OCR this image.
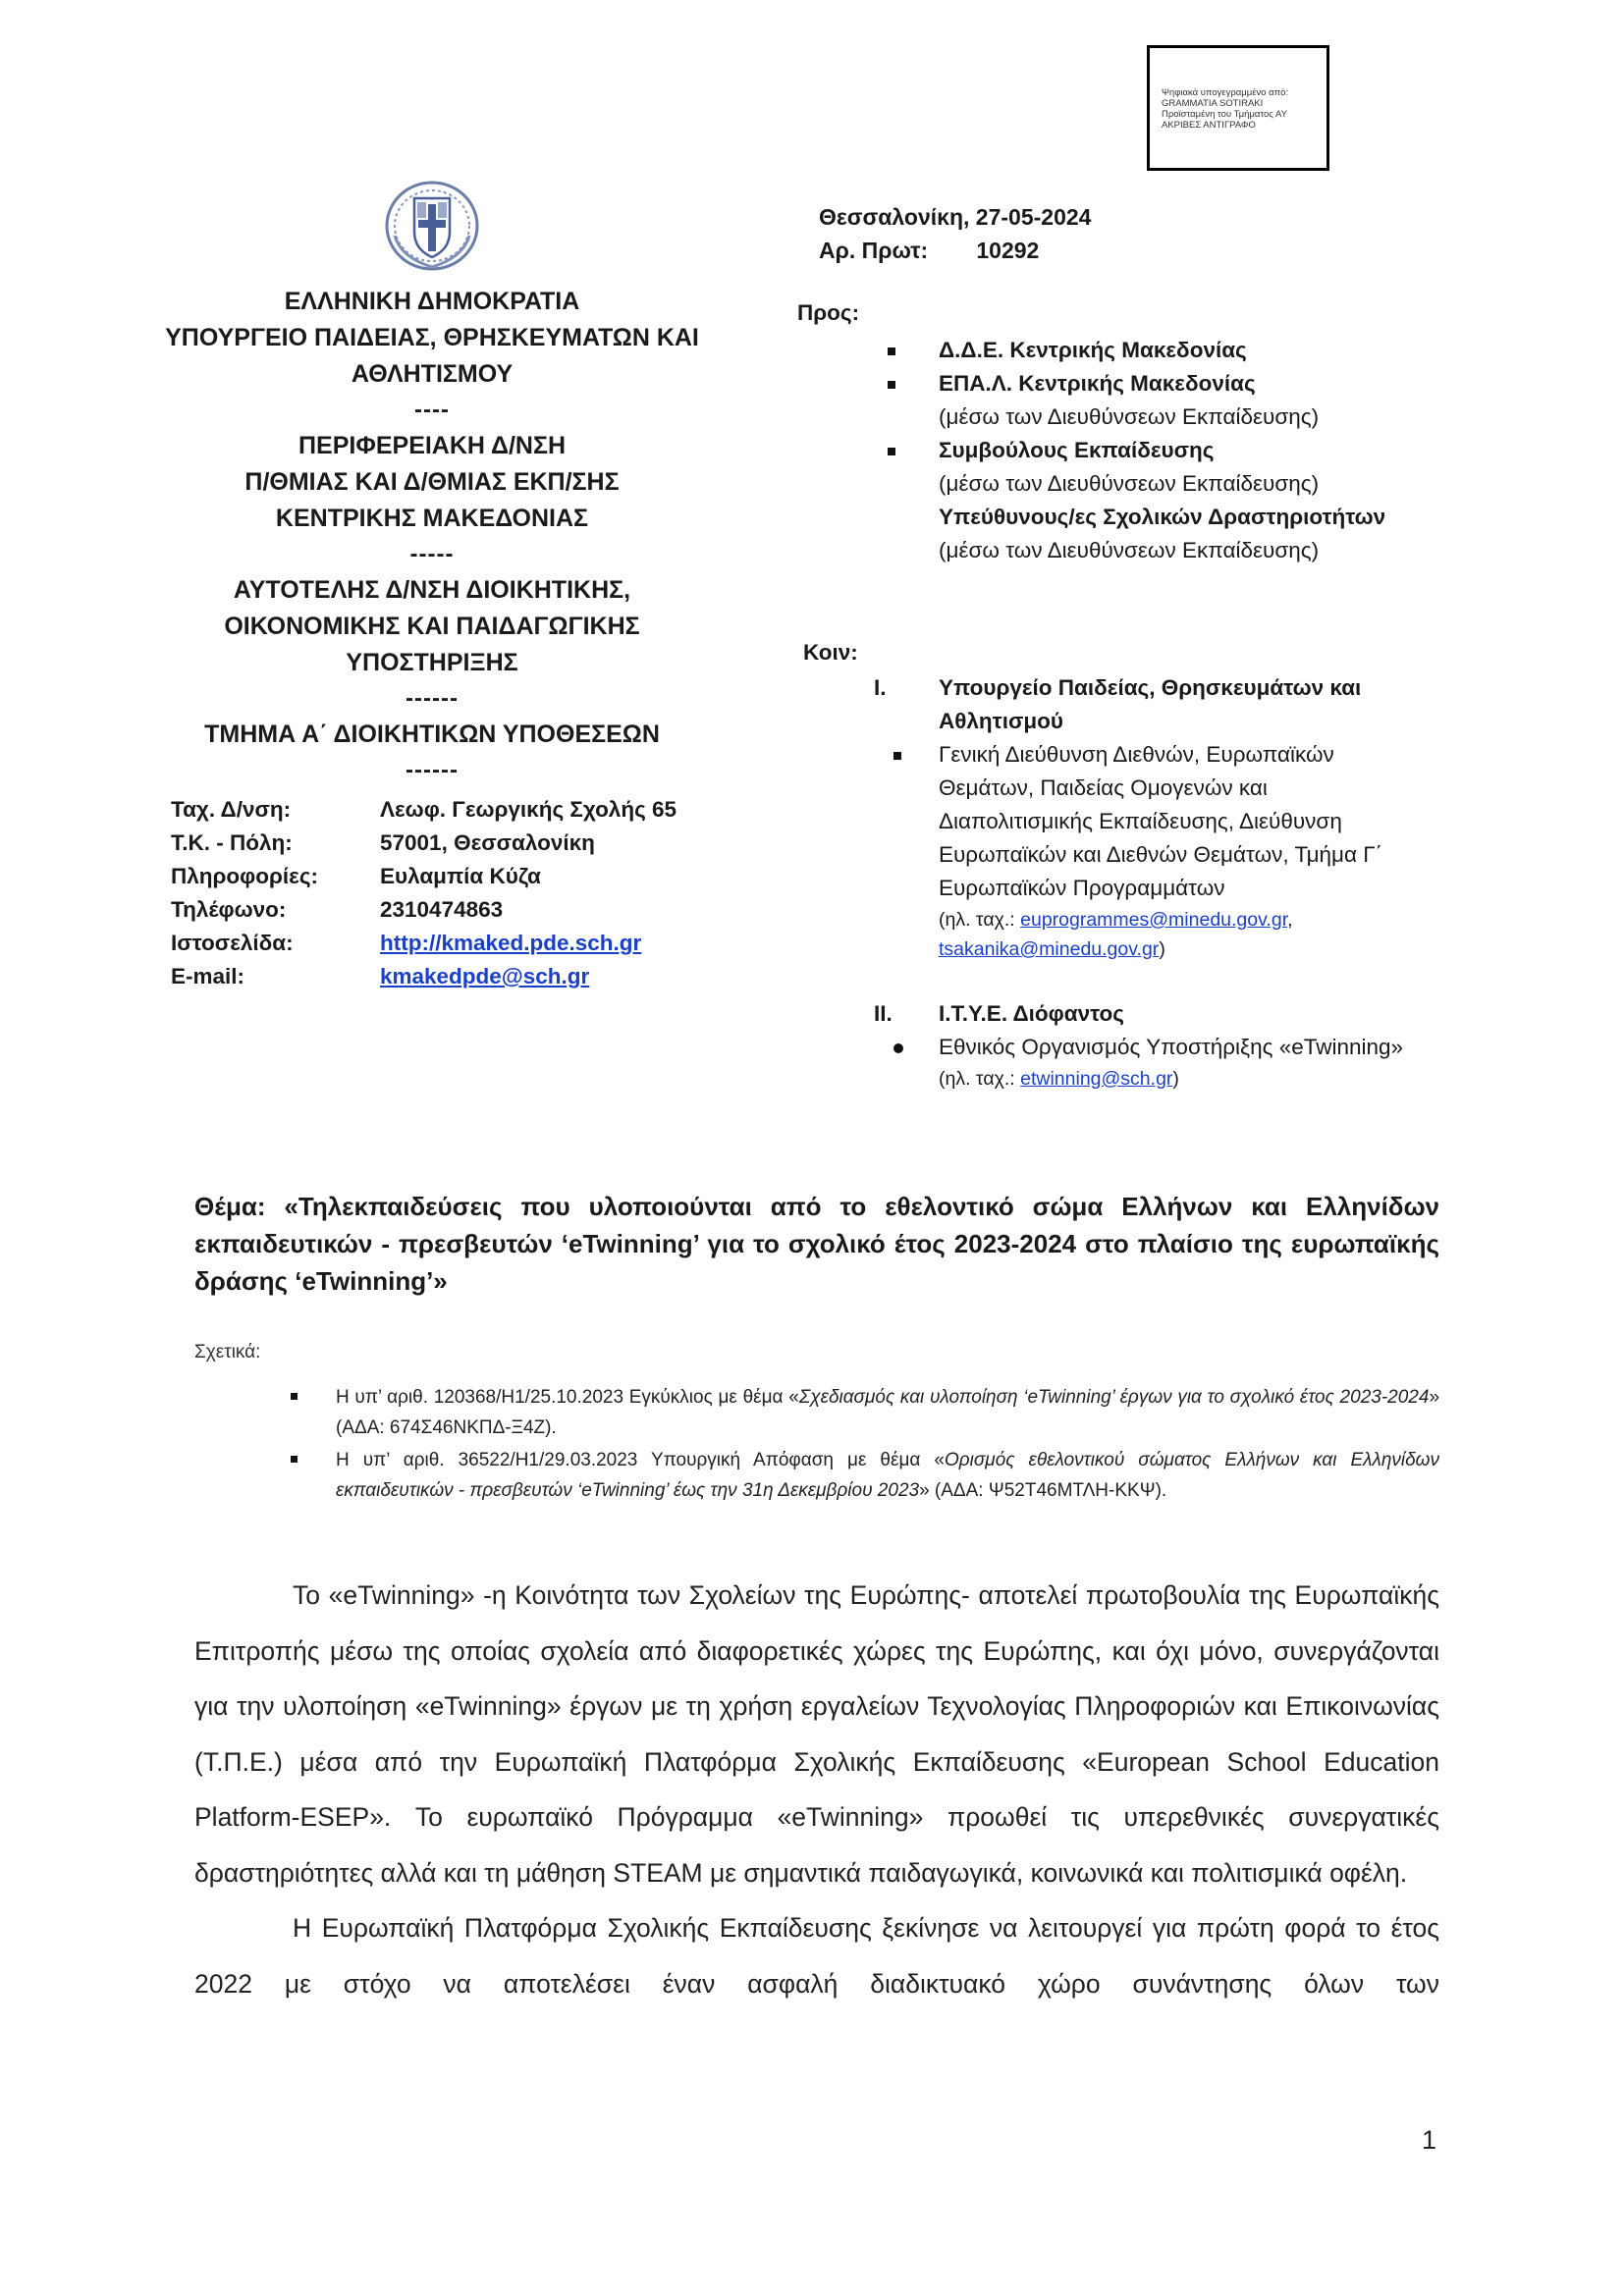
Ψηφιακά υπογεγραμμένο από:
GRAMMATIA SOTIRAKI
Προϊσταμένη του Τμήματος ΑΥ
ΑΚΡΙΒΕΣ ΑΝΤΙΓΡΑΦΟ
ΕΛΛΗΝΙΚΗ ΔΗΜΟΚΡΑΤΙΑ
ΥΠΟΥΡΓΕΙΟ ΠΑΙΔΕΙΑΣ, ΘΡΗΣΚΕΥΜΑΤΩΝ ΚΑΙ
ΑΘΛΗΤΙΣΜΟΥ
----
ΠΕΡΙΦΕΡΕΙΑΚΗ Δ/ΝΣΗ
Π/ΘΜΙΑΣ ΚΑΙ Δ/ΘΜΙΑΣ ΕΚΠ/ΣΗΣ
ΚΕΝΤΡΙΚΗΣ ΜΑΚΕΔΟΝΙΑΣ
-----
ΑΥΤΟΤΕΛΗΣ Δ/ΝΣΗ ΔΙΟΙΚΗΤΙΚΗΣ,
ΟΙΚΟΝΟΜΙΚΗΣ ΚΑΙ ΠΑΙΔΑΓΩΓΙΚΗΣ
ΥΠΟΣΤΗΡΙΞΗΣ
------
ΤΜΗΜΑ Α΄ ΔΙΟΙΚΗΤΙΚΩΝ ΥΠΟΘΕΣΕΩΝ
------
Ταχ. Δ/νση:	Λεωφ. Γεωργικής Σχολής 65
Τ.Κ. - Πόλη:	57001, Θεσσαλονίκη
Πληροφορίες:	Ευλαμπία Κύζα
Τηλέφωνο:	2310474863
Ιστοσελίδα:	http://kmaked.pde.sch.gr
E-mail:	kmakedpde@sch.gr
Θεσσαλονίκη, 27-05-2024
Αρ. Πρωτ: 10292
Προς:
Δ.Δ.Ε. Κεντρικής Μακεδονίας
ΕΠΑ.Λ. Κεντρικής Μακεδονίας
(μέσω των Διευθύνσεων Εκπαίδευσης)
Συμβούλους Εκπαίδευσης
(μέσω των Διευθύνσεων Εκπαίδευσης)
Υπεύθυνους/ες Σχολικών Δραστηριοτήτων
(μέσω των Διευθύνσεων Εκπαίδευσης)
Κοιν:
I. Υπουργείο Παιδείας, Θρησκευμάτων και
Αθλητισμού
Γενική Διεύθυνση Διεθνών, Ευρωπαϊκών
Θεμάτων, Παιδείας Ομογενών και
Διαπολιτισμικής Εκπαίδευσης, Διεύθυνση
Ευρωπαϊκών και Διεθνών Θεμάτων, Τμήμα Γ΄
Ευρωπαϊκών Προγραμμάτων
(ηλ. ταχ.: euprogrammes@minedu.gov.gr,
tsakanika@minedu.gov.gr)
II. Ι.Τ.Υ.Ε. Διόφαντος
Εθνικός Οργανισμός Υποστήριξης «eTwinning»
(ηλ. ταχ.: etwinning@sch.gr)
Θέμα: «Τηλεκπαιδεύσεις που υλοποιούνται από το εθελοντικό σώμα Ελλήνων και Ελληνίδων εκπαιδευτικών - πρεσβευτών ‘eTwinning’ για το σχολικό έτος 2023-2024 στο πλαίσιο της ευρωπαϊκής δράσης ‘eTwinning’»
Σχετικά:
Η υπ’ αριθ. 120368/Η1/25.10.2023 Εγκύκλιος με θέμα «Σχεδιασμός και υλοποίηση ‘eTwinning’ έργων για το σχολικό έτος 2023-2024» (ΑΔΑ: 674Σ46ΝΚΠΔ-Ξ4Ζ).
Η υπ’ αριθ. 36522/Η1/29.03.2023 Υπουργική Απόφαση με θέμα «Ορισμός εθελοντικού σώματος Ελλήνων και Ελληνίδων εκπαιδευτικών - πρεσβευτών ‘eTwinning’ έως την 31η Δεκεμβρίου 2023» (ΑΔΑ: Ψ52Τ46ΜΤΛΗ-ΚΚΨ).

Το «eTwinning» -η Κοινότητα των Σχολείων της Ευρώπης- αποτελεί πρωτοβουλία της Ευρωπαϊκής Επιτροπής μέσω της οποίας σχολεία από διαφορετικές χώρες της Ευρώπης, και όχι μόνο, συνεργάζονται για την υλοποίηση «eTwinning» έργων με τη χρήση εργαλείων Τεχνολογίας Πληροφοριών και Επικοινωνίας (Τ.Π.Ε.) μέσα από την Ευρωπαϊκή Πλατφόρμα Σχολικής Εκπαίδευσης «European School Education Platform-ESEP». Το ευρωπαϊκό Πρόγραμμα «eTwinning» προωθεί τις υπερεθνικές συνεργατικές δραστηριότητες αλλά και τη μάθηση STEAM με σημαντικά παιδαγωγικά, κοινωνικά και πολιτισμικά οφέλη.

Η Ευρωπαϊκή Πλατφόρμα Σχολικής Εκπαίδευσης ξεκίνησε να λειτουργεί για πρώτη φορά το έτος 2022 με στόχο να αποτελέσει έναν ασφαλή διαδικτυακό χώρο συνάντησης όλων των

1
